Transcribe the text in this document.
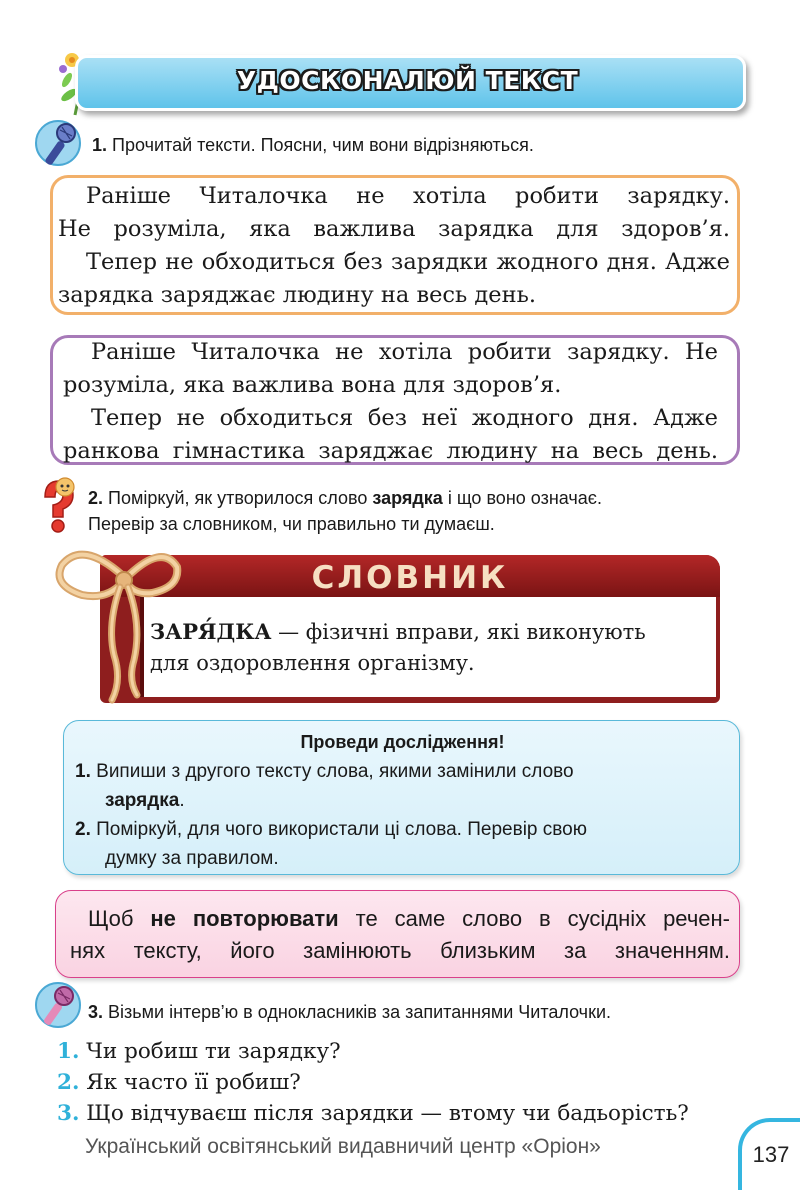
УДОСКОНАЛЮЙ ТЕКСТ
1. Прочитай тексти. Поясни, чим вони відрізняються.
Раніше Читалочка не хотіла робити зарядку.
Не розуміла, яка важлива зарядка для здоров’я.
Тепер не обходиться без зарядки жодного дня. Адже
зарядка заряджає людину на весь день.
Раніше Читалочка не хотіла робити зарядку. Не
розуміла, яка важлива вона для здоров’я.
Тепер не обходиться без неї жодного дня. Адже
ранкова гімнастика заряджає людину на весь день.
2. Поміркуй, як утворилося слово зарядка і що воно означає.
Перевір за словником, чи правильно ти думаєш.
СЛОВНИК
ЗАРЯ́ДКА — фізичні вправи, які виконують
для оздоровлення організму.
Проведи дослідження!
1. Випиши з другого тексту слова, якими замінили слово
зарядка.
2. Поміркуй, для чого використали ці слова. Перевір свою
думку за правилом.
Щоб не повторювати те саме слово в сусідніх речен-
нях тексту, його замінюють близьким за значенням.
3. Візьми інтерв’ю в однокласників за запитаннями Читалочки.
1. Чи робиш ти зарядку?
2. Як часто її робиш?
3. Що відчуваєш після зарядки — втому чи бадьорість?
Український освітянський видавничий центр «Оріон»	137
